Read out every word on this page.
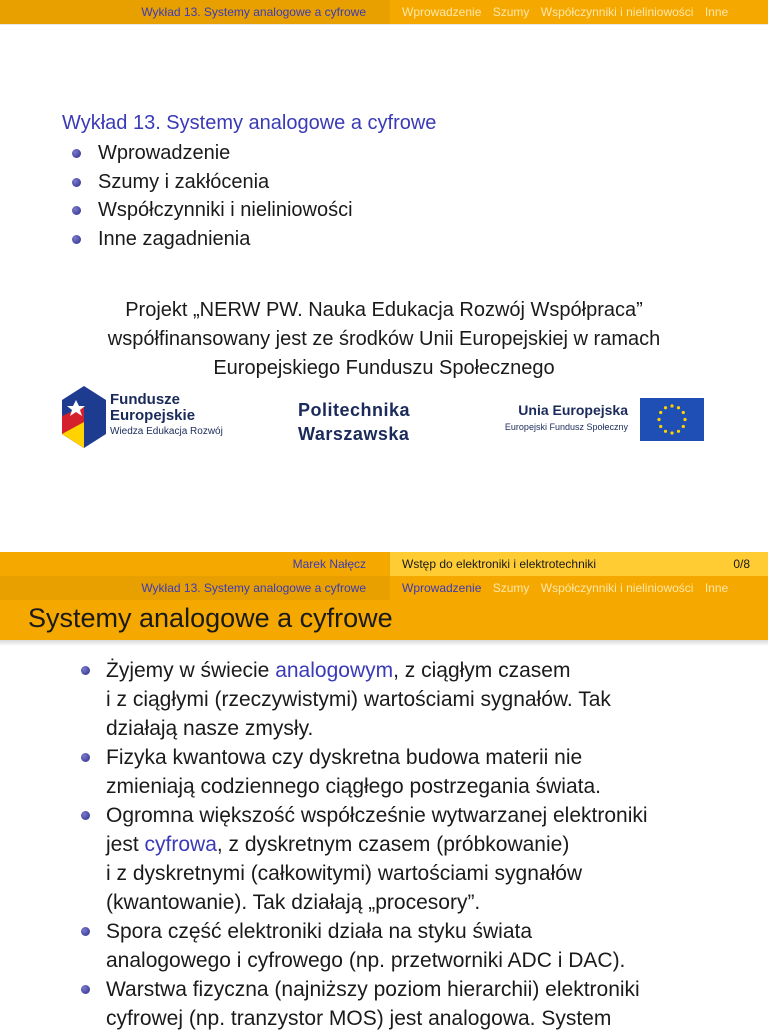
Wykład 13. Systemy analogowe a cyfrowe	Wprowadzenie Szumy Współczynniki i nieliniowości Inne
Wykład 13. Systemy analogowe a cyfrowe
Wprowadzenie
Szumy i zakłócenia
Współczynniki i nieliniowości
Inne zagadnienia
Projekt „NERW PW. Nauka Edukacja Rozwój Współpraca”
współfinansowany jest ze środków Unii Europejskiej w ramach
Europejskiego Funduszu Społecznego
Fundusze
Europejskie
Wiedza Edukacja Rozwój
Politechnika
Warszawska
Unia Europejska
Europejski Fundusz Społeczny
Marek Nałęcz	Wstęp do elektroniki i elektrotechniki	0/8
Wykład 13. Systemy analogowe a cyfrowe	Wprowadzenie Szumy Współczynniki i nieliniowości Inne
Systemy analogowe a cyfrowe
Żyjemy w świecie analogowym, z ciągłym czasem
i z ciągłymi (rzeczywistymi) wartościami sygnałów. Tak
działają nasze zmysły.
Fizyka kwantowa czy dyskretna budowa materii nie
zmieniają codziennego ciągłego postrzegania świata.
Ogromna większość współcześnie wytwarzanej elektroniki
jest cyfrowa, z dyskretnym czasem (próbkowanie)
i z dyskretnymi (całkowitymi) wartościami sygnałów
(kwantowanie). Tak działają „procesory”.
Spora część elektroniki działa na styku świata
analogowego i cyfrowego (np. przetworniki ADC i DAC).
Warstwa fizyczna (najniższy poziom hierarchii) elektroniki
cyfrowej (np. tranzystor MOS) jest analogowa. System
